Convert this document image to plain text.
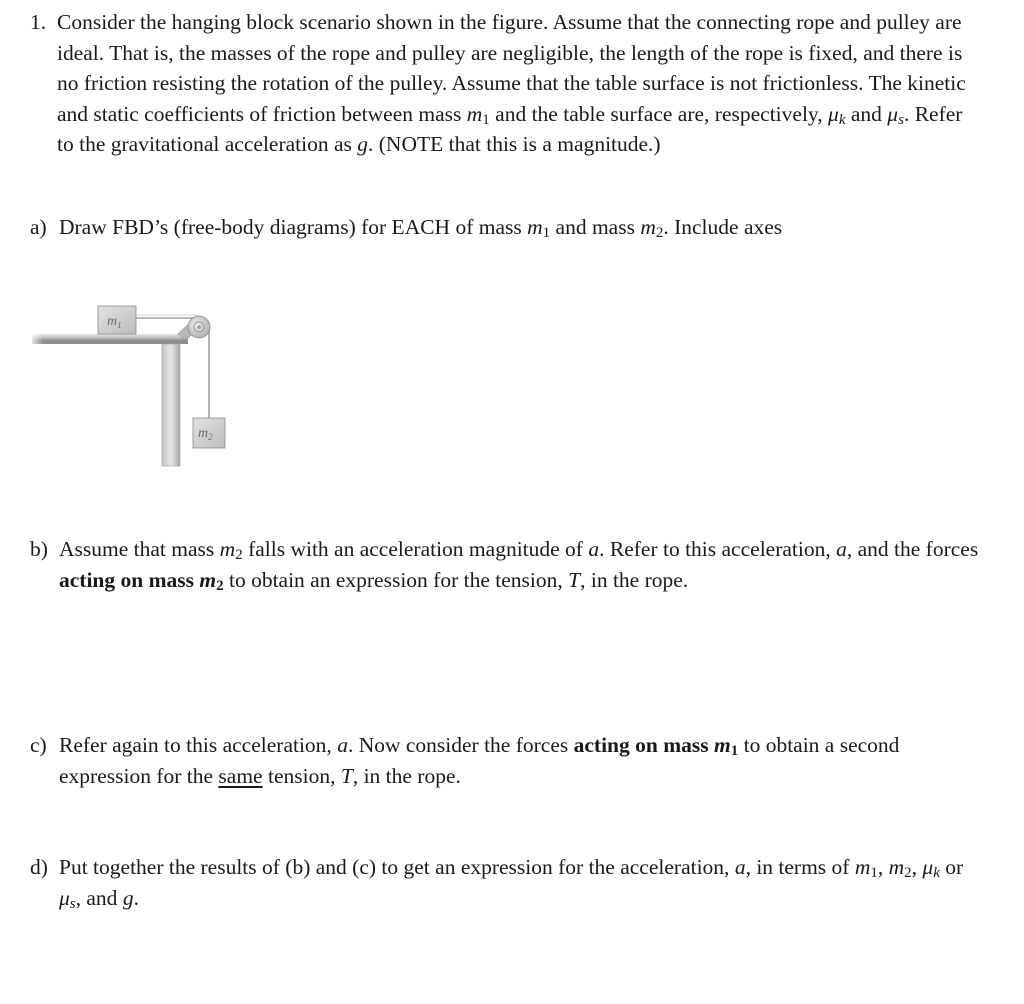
1. Consider the hanging block scenario shown in the figure. Assume that the connecting rope and pulley are ideal. That is, the masses of the rope and pulley are negligible, the length of the rope is fixed, and there is no friction resisting the rotation of the pulley. Assume that the table surface is not frictionless. The kinetic and static coefficients of friction between mass $m_1$ and the table surface are, respectively, $\mu_k$ and $\mu_s$. Refer to the gravitational acceleration as g. (NOTE that this is a magnitude.)

a) Draw FBD’s (free-body diagrams) for EACH of mass $m_1$ and mass $m_2$. Include axes

$m_1$
$m_2$

b) Assume that mass $m_2$ falls with an acceleration magnitude of a. Refer to this acceleration, a, and the forces acting on mass $m_2$ to obtain an expression for the tension, T, in the rope.

c) Refer again to this acceleration, a. Now consider the forces acting on mass $m_1$ to obtain a second expression for the same tension, T, in the rope.

d) Put together the results of (b) and (c) to get an expression for the acceleration, a, in terms of $m_1$, $m_2$, $\mu_k$ or $\mu_s$, and g.
